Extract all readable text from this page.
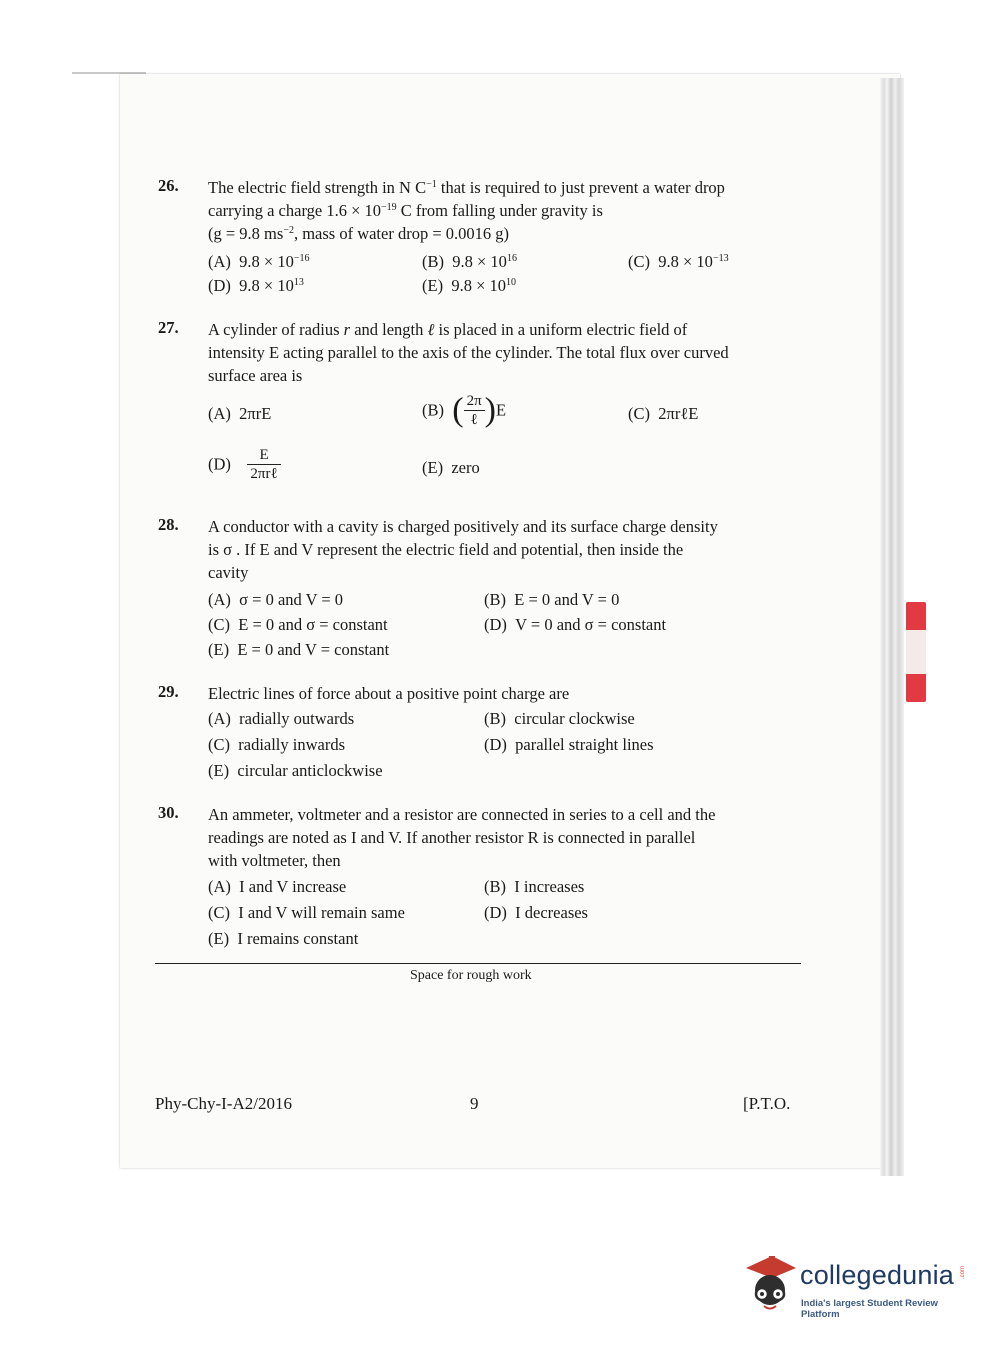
26. The electric field strength in N $C^{-1}$ that is required to just prevent a water drop
carrying a charge $1.6 \times 10^{-19}$ C from falling under gravity is
(g = 9.8 $ms^{-2}$, mass of water drop = 0.0016 g)
(A) $9.8 \times 10^{-16}$	(B) $9.8 \times 10^{16}$	(C) $9.8 \times 10^{-13}$
(D) $9.8 \times 10^{13}$	(E) $9.8 \times 10^{10}$
27. A cylinder of radius r and length ℓ is placed in a uniform electric field of
intensity E acting parallel to the axis of the cylinder. The total flux over curved
surface area is
(A) 2πrE	(B) ( $\frac{2\pi}{\text{ℓ}} )E$	(C) 2πrℓE
$(D) \frac{E}{\text{2πrℓ}}$	(E) zero
28. A conductor with a cavity is charged positively and its surface charge density
is σ . If E and V represent the electric field and potential, then inside the
cavity
(A) σ = 0 and V = 0	(B) E = 0 and V = 0
(C) E = 0 and σ = constant	(D) V = 0 and σ = constant
(E) E = 0 and V = constant
29. Electric lines of force about a positive point charge are
(A) radially outwards	(B) circular clockwise
(C) radially inwards	(D) parallel straight lines
(E) circular anticlockwise
30. An ammeter, voltmeter and a resistor are connected in series to a cell and the
readings are noted as I and V. If another resistor R is connected in parallel
with voltmeter, then
(A) I and V increase	(B) I increases
(C) I and V will remain same	(D) I decreases
(E) I remains constant
Space for rough work
Phy-Chy-I-A2/2016	9	[P.T.O.
collegedunia .com
India's largest Student Review Platform
